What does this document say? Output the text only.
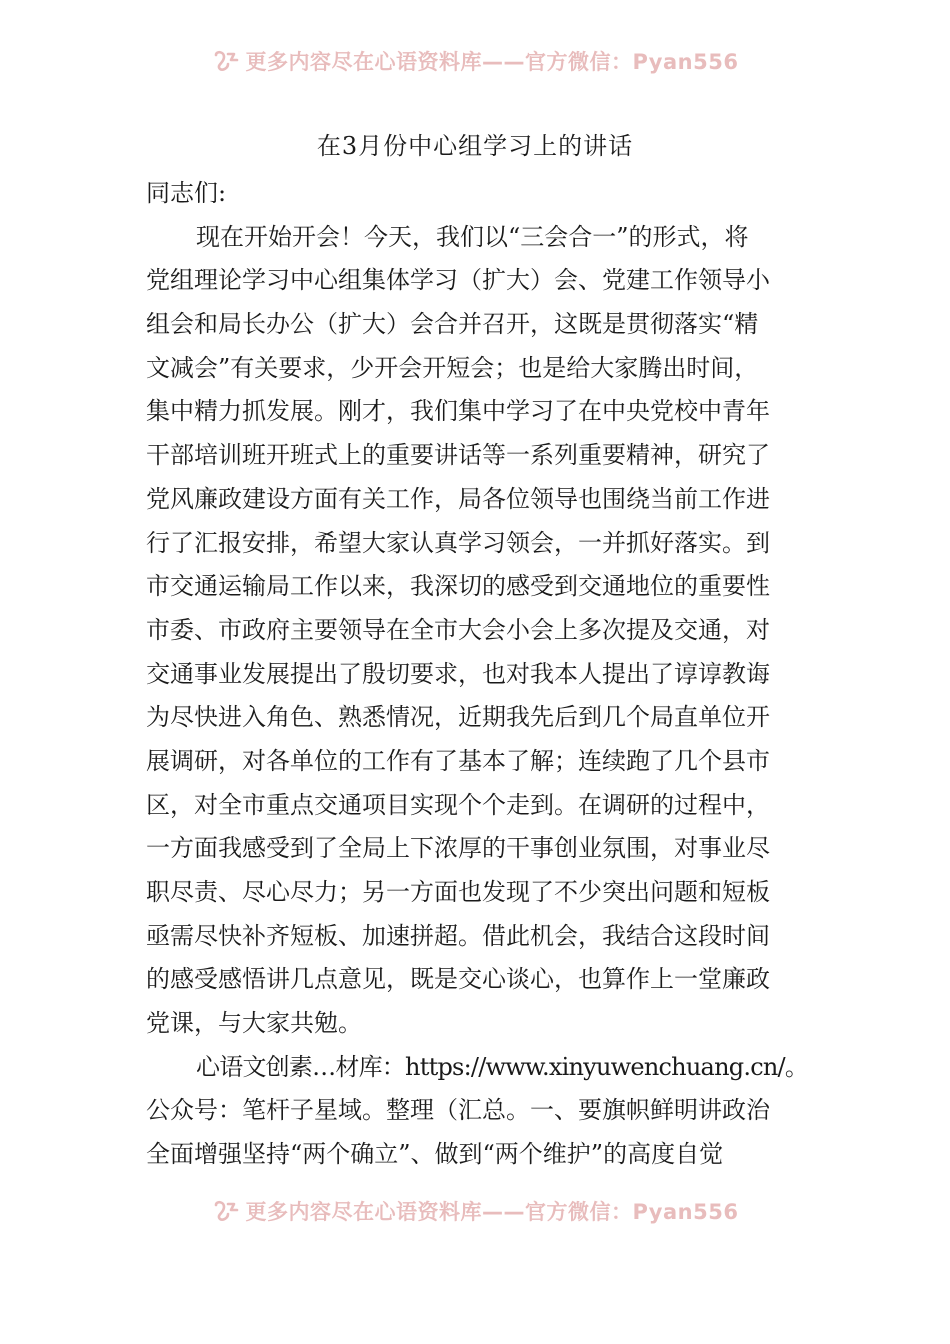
更多内容尽在心语资料库——官方微信：Pyan556
在3月份中心组学习上的讲话
同志们:
现在开始开会！今天，我们以“三会合一”的形式，将
党组理论学习中心组集体学习（扩大）会、党建工作领导小
组会和局长办公（扩大）会合并召开，这既是贯彻落实“精
文减会”有关要求，少开会开短会；也是给大家腾出时间，
集中精力抓发展。刚才，我们集中学习了在中央党校中青年
干部培训班开班式上的重要讲话等一系列重要精神，研究了
党风廉政建设方面有关工作，局各位领导也围绕当前工作进
行了汇报安排，希望大家认真学习领会，一并抓好落实。到
市交通运输局工作以来，我深切的感受到交通地位的重要性
市委、市政府主要领导在全市大会小会上多次提及交通，对
交通事业发展提出了殷切要求，也对我本人提出了谆谆教诲
为尽快进入角色、熟悉情况，近期我先后到几个局直单位开
展调研，对各单位的工作有了基本了解；连续跑了几个县市
区，对全市重点交通项目实现个个走到。在调研的过程中，
一方面我感受到了全局上下浓厚的干事创业氛围，对事业尽
职尽责、尽心尽力；另一方面也发现了不少突出问题和短板
亟需尽快补齐短板、加速拼超。借此机会，我结合这段时间
的感受感悟讲几点意见，既是交心谈心，也算作上一堂廉政
党课，与大家共勉。
心语文创素…材库：https://www.xinyuwenchuang.cn/。
公众号：笔杆子星域。整理（汇总。一、要旗帜鲜明讲政治
全面增强坚持“两个确立”、做到“两个维护”的高度自觉
更多内容尽在心语资料库——官方微信：Pyan556
